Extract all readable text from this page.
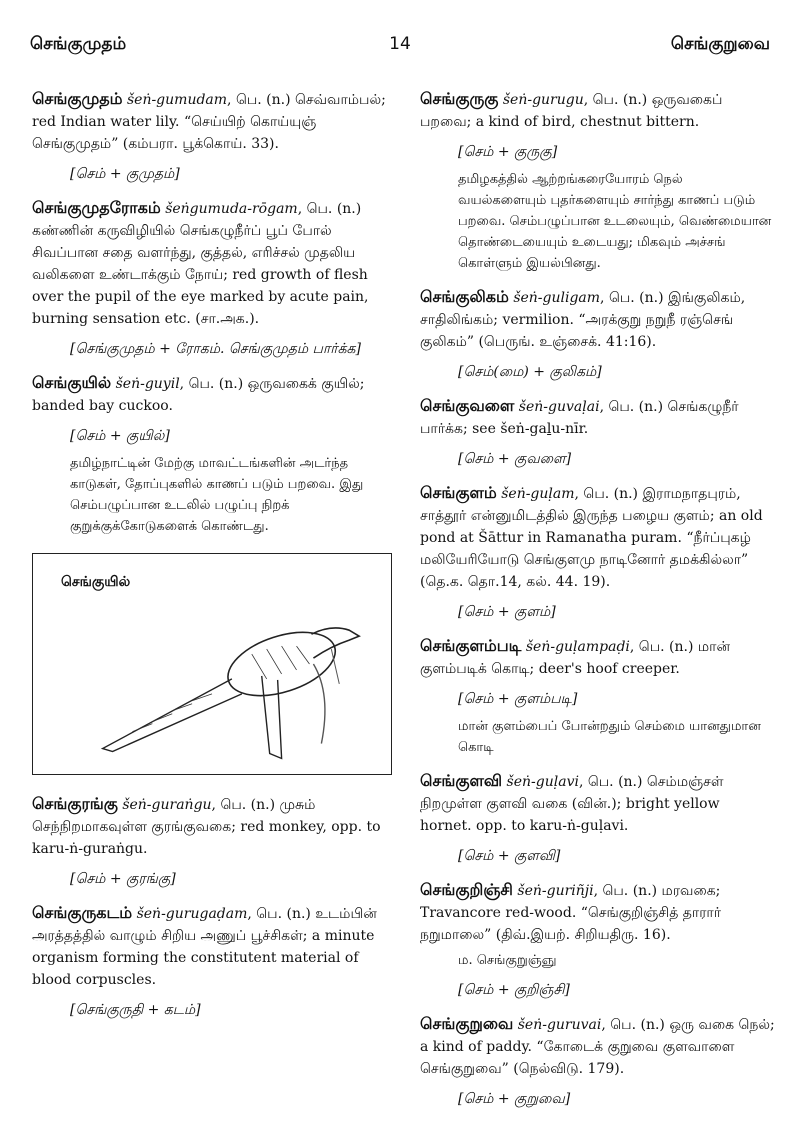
செங்குமுதம்	14	செங்குறுவை
செங்குமுதம் šeṅ-gumudam, பெ. (n.) செவ்வாம்பல்; red Indian water lily. “செய்யிற் கொய்யுஞ் செங்குமுதம்” (கம்பரா. பூக்கொய். 33).
[செம் + குமுதம்]
செங்குமுதரோகம் šeṅgumuda-rōgam, பெ. (n.) கண்ணின் கருவிழியில் செங்கழுநீர்ப் பூப் போல் சிவப்பான சதை வளர்ந்து, குத்தல், எரிச்சல் முதலிய வலிகளை உண்டாக்கும் நோய்; red growth of flesh over the pupil of the eye marked by acute pain, burning sensation etc. (சா.அக.).
[செங்குமுதம் + ரோகம். செங்குமுதம் பார்க்க]
செங்குயில் šeṅ-guyil, பெ. (n.) ஒருவகைக் குயில்; banded bay cuckoo.
[செம் + குயில்]
தமிழ்நாட்டின் மேற்கு மாவட்டங்களின் அடர்ந்த காடுகள், தோப்புகளில் காணப் படும் பறவை. இது செம்பழுப்பான உடலில் பழுப்பு நிறக் குறுக்குக்கோடுகளைக் கொண்டது.
செங்குயில்
செங்குரங்கு šeṅ-guraṅgu, பெ. (n.) முசும் செந்நிறமாகவுள்ள குரங்குவகை; red monkey, opp. to karu-ṅ-guraṅgu.
[செம் + குரங்கு]
செங்குருகடம் šeṅ-gurugaḍam, பெ. (n.) உடம்பின் அரத்தத்தில் வாழும் சிறிய அணுப் பூச்சிகள்; a minute organism forming the constitutent material of blood corpuscles.
[செங்குருதி + கடம்]
செங்குருகு šeṅ-gurugu, பெ. (n.) ஒருவகைப் பறவை; a kind of bird, chestnut bittern.
[செம் + குருகு]
தமிழகத்தில் ஆற்றங்கரையோரம் நெல் வயல்களையும் புதர்களையும் சார்ந்து காணப் படும் பறவை. செம்பழுப்பான உடலையும், வெண்மையான தொண்டையையும் உடையது; மிகவும் அச்சங் கொள்ளும் இயல்பினது.
செங்குலிகம் šeṅ-guligam, பெ. (n.) இங்குலிகம், சாதிலிங்கம்; vermilion. “அரக்குறு நறுநீ ரஞ்செங் குலிகம்” (பெருங். உஞ்சைக். 41:16).
[செம்(மை) + குலிகம்]
செங்குவளை šeṅ-guvaḷai, பெ. (n.) செங்கழுநீர் பார்க்க; see šeṅ-gaḻu-nīr.
[செம் + குவளை]
செங்குளம் šeṅ-guḷam, பெ. (n.) இராமநாதபுரம், சாத்தூர் என்னுமிடத்தில் இருந்த பழைய குளம்; an old pond at Šāttur in Ramanatha puram. “நீர்ப்புகழ் மலியேரியோடு செங்குளமு நாடினோர் தமக்கில்லா” (தெ.க. தொ.14, கல். 44. 19).
[செம் + குளம்]
செங்குளம்படி šeṅ-guḷampaḍi, பெ. (n.) மான் குளம்படிக் கொடி; deer's hoof creeper.
[செம் + குளம்படி]
மான் குளம்பைப் போன்றதும் செம்மை யானதுமான கொடி
செங்குளவி šeṅ-guḷavi, பெ. (n.) செம்மஞ்சள் நிறமுள்ள குளவி வகை (வின்.); bright yellow hornet. opp. to karu-ṅ-guḷavi.
[செம் + குளவி]
செங்குறிஞ்சி šeṅ-guriñji, பெ. (n.) மரவகை; Travancore red-wood. “செங்குறிஞ்சித் தாரார் நறுமாலை” (திவ்.இயற். சிறியதிரு. 16).
ம. செங்குறுஞ்ஞு
[செம் + குறிஞ்சி]
செங்குறுவை šeṅ-guruvai, பெ. (n.) ஒரு வகை நெல்; a kind of paddy. “கோடைக் குறுவை குளவாளை செங்குறுவை” (நெல்விடு. 179).
[செம் + குறுவை]
